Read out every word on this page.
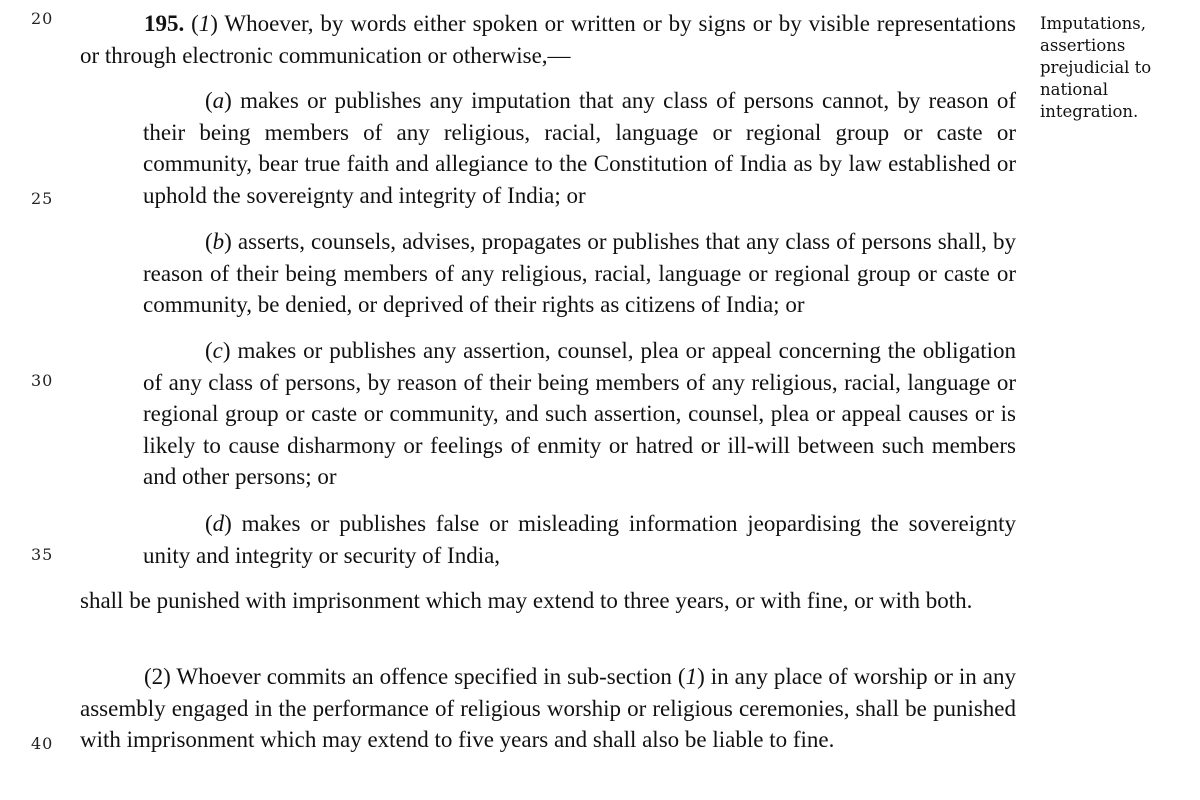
20
25
30
35
40
Imputations,
assertions
prejudicial to
national
integration.
195. (1) Whoever, by words either spoken or written or by signs or by visible representations or through electronic communication or otherwise,—
(a) makes or publishes any imputation that any class of persons cannot, by reason of their being members of any religious, racial, language or regional group or caste or community, bear true faith and allegiance to the Constitution of India as by law established or uphold the sovereignty and integrity of India; or
(b) asserts, counsels, advises, propagates or publishes that any class of persons shall, by reason of their being members of any religious, racial, language or regional group or caste or community, be denied, or deprived of their rights as citizens of India; or
(c) makes or publishes any assertion, counsel, plea or appeal concerning the obligation of any class of persons, by reason of their being members of any religious, racial, language or regional group or caste or community, and such assertion, counsel, plea or appeal causes or is likely to cause disharmony or feelings of enmity or hatred or ill-will between such members and other persons; or
(d) makes or publishes false or misleading information jeopardising the sovereignty unity and integrity or security of India,
shall be punished with imprisonment which may extend to three years, or with fine, or with both.
(2) Whoever commits an offence specified in sub-section (1) in any place of worship or in any assembly engaged in the performance of religious worship or religious ceremonies, shall be punished with imprisonment which may extend to five years and shall also be liable to fine.
